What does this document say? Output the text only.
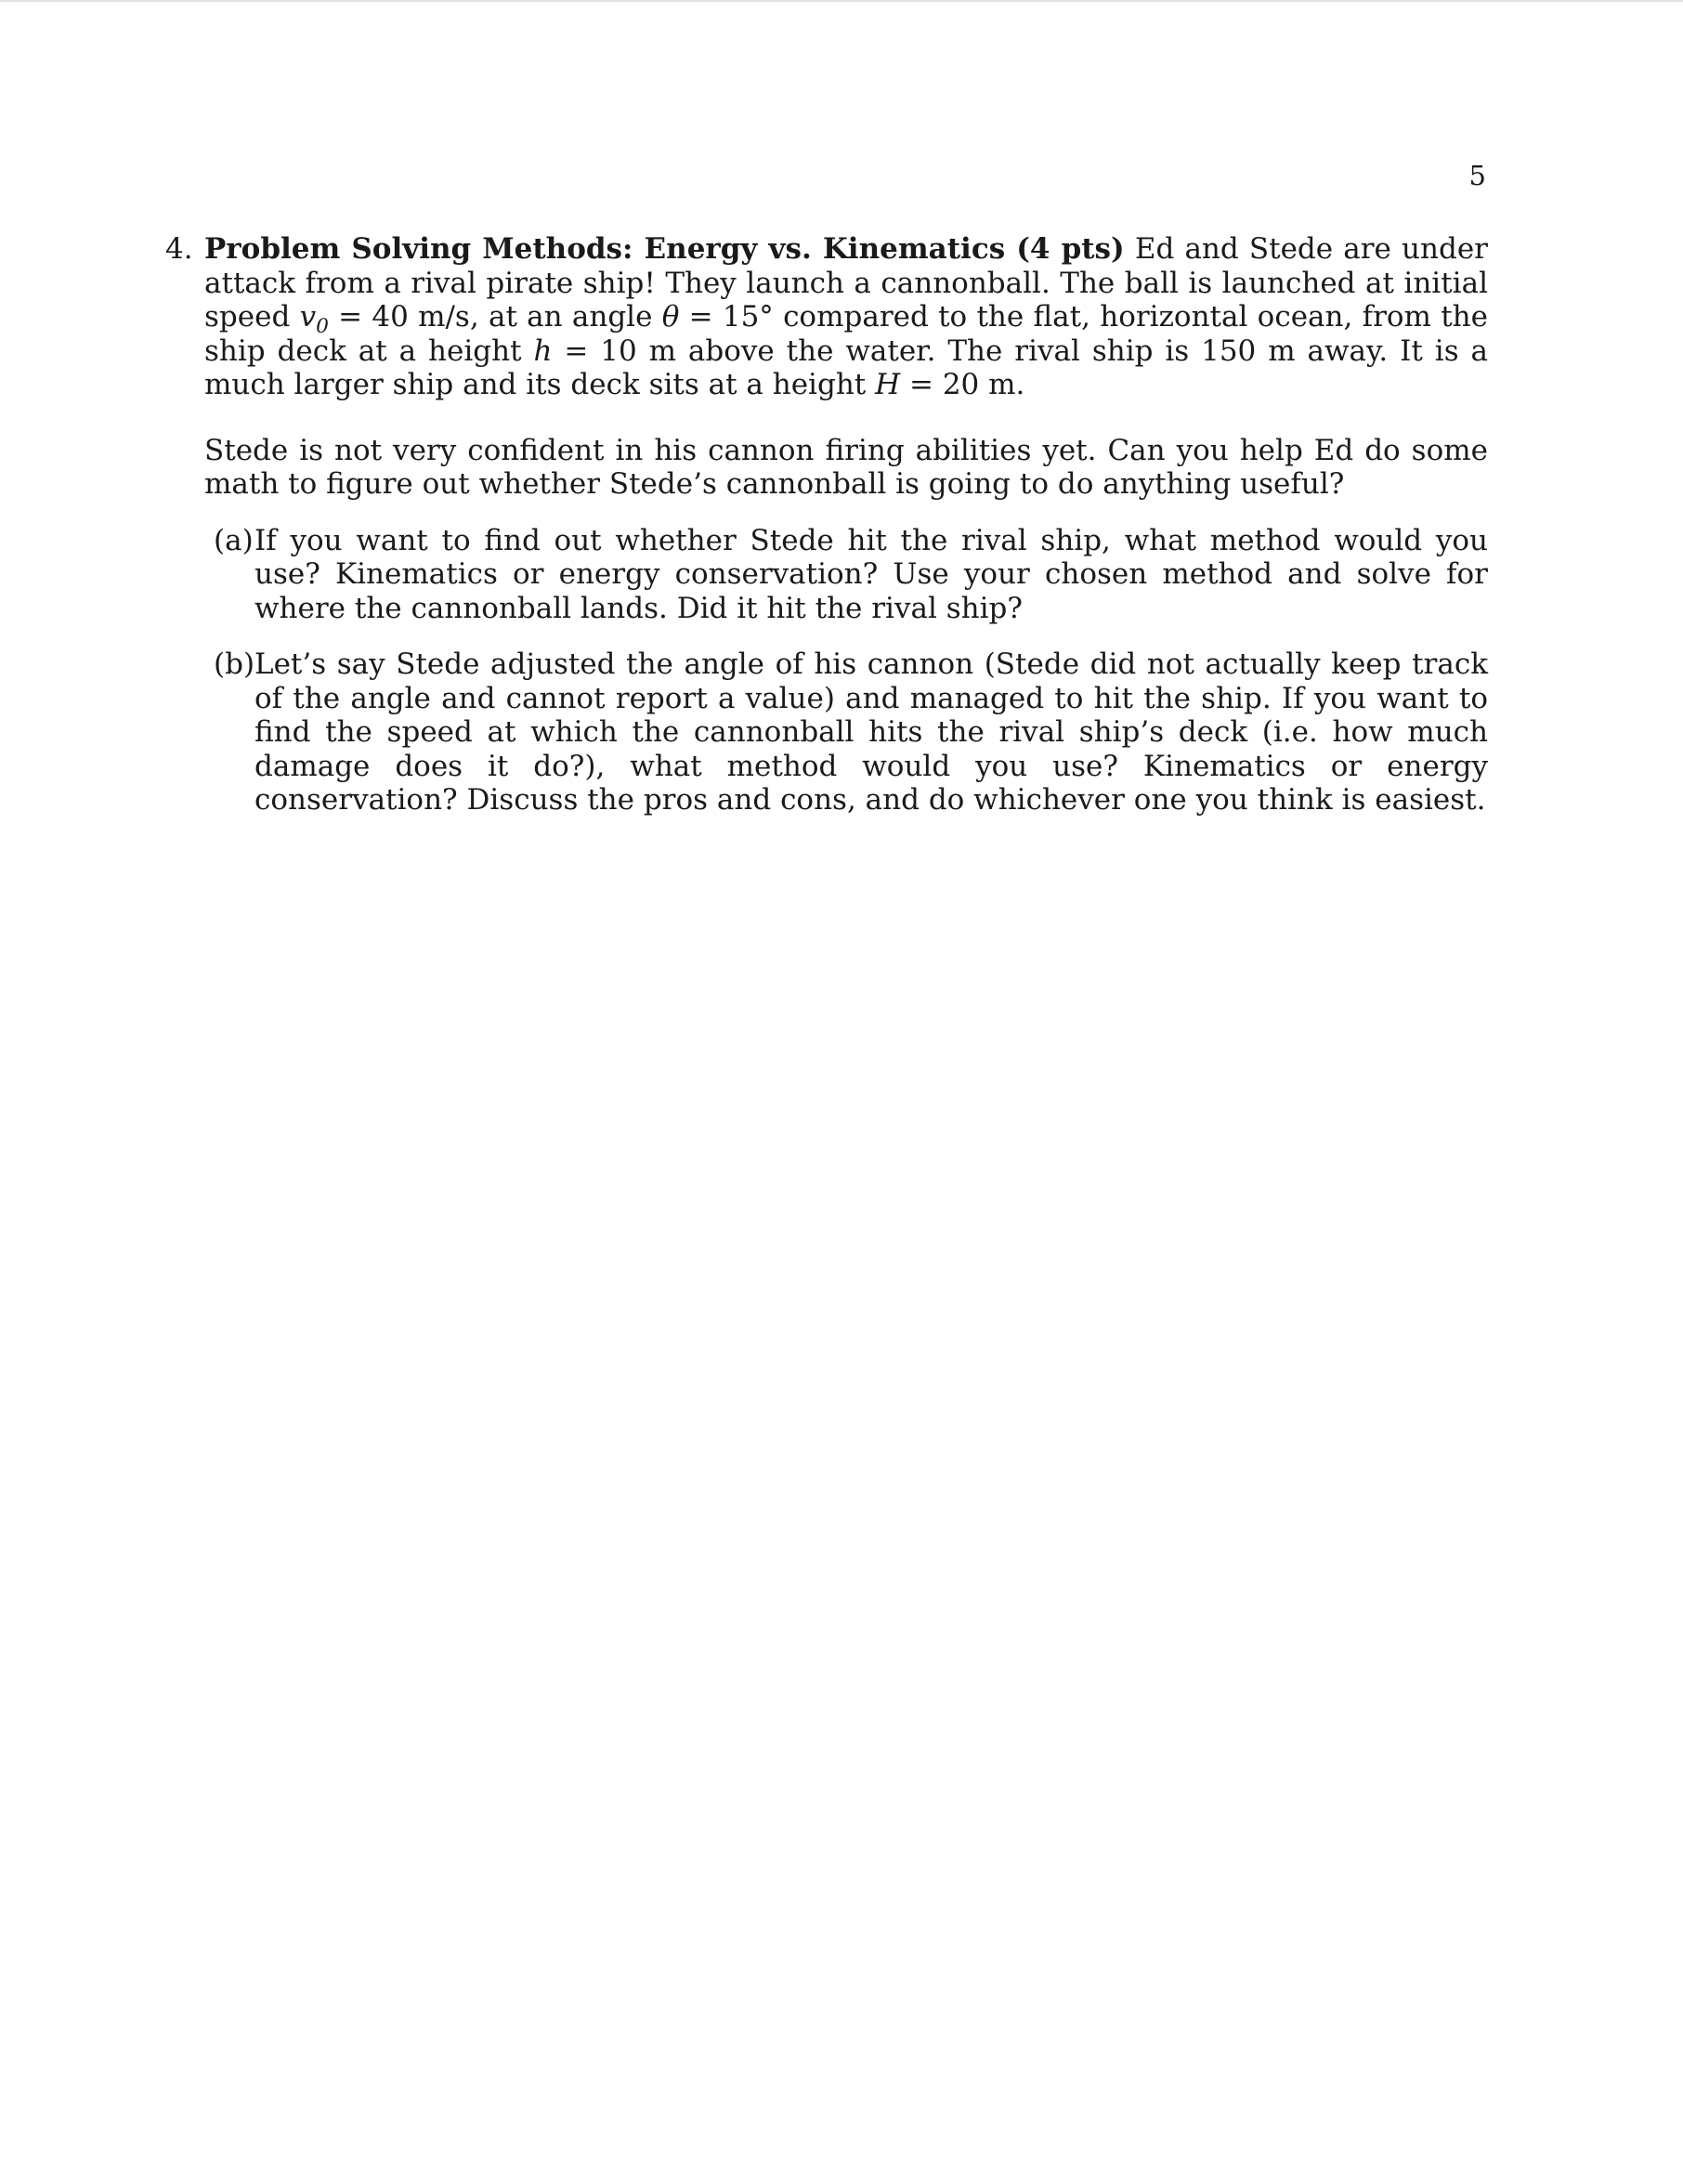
5
4. Problem Solving Methods: Energy vs. Kinematics (4 pts) Ed and Stede are under attack from a rival pirate ship! They launch a cannonball. The ball is launched at initial speed $v_0 = 40$ m/s, at an angle θ = 15° compared to the flat, horizontal ocean, from the ship deck at a height h = 10 m above the water. The rival ship is 150 m away. It is a much larger ship and its deck sits at a height H = 20 m.
Stede is not very confident in his cannon firing abilities yet. Can you help Ed do some math to figure out whether Stede’s cannonball is going to do anything useful?
(a) If you want to find out whether Stede hit the rival ship, what method would you use? Kinematics or energy conservation? Use your chosen method and solve for where the cannonball lands. Did it hit the rival ship?
(b) Let’s say Stede adjusted the angle of his cannon (Stede did not actually keep track of the angle and cannot report a value) and managed to hit the ship. If you want to find the speed at which the cannonball hits the rival ship’s deck (i.e. how much damage does it do?), what method would you use? Kinematics or energy conservation? Discuss the pros and cons, and do whichever one you think is easiest.
